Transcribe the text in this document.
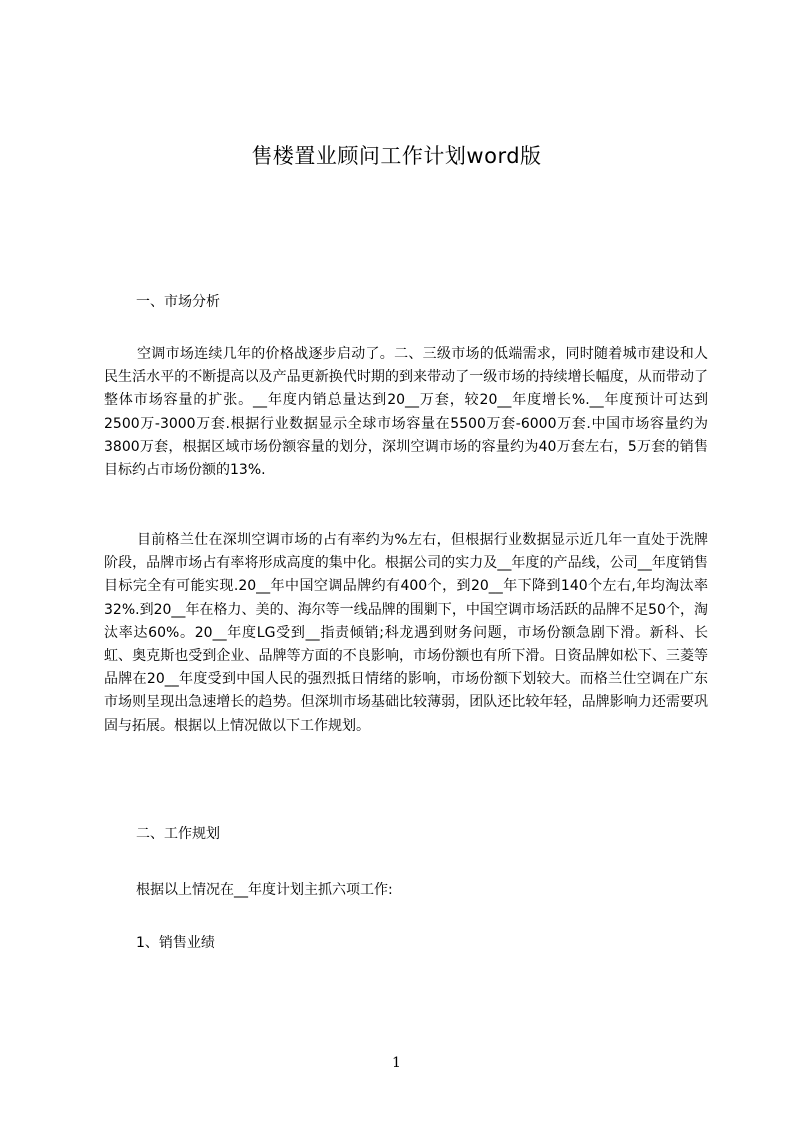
售楼置业顾问工作计划word版
一、市场分析

空调市场连续几年的价格战逐步启动了。二、三级市场的低端需求，同时随着城市建设和人民生活水平的不断提高以及产品更新换代时期的到来带动了一级市场的持续增长幅度，从而带动了整体市场容量的扩张。__年度内销总量达到20__万套，较20__年度增长%.__年度预计可达到2500万-3000万套.根据行业数据显示全球市场容量在5500万套-6000万套.中国市场容量约为3800万套，根据区域市场份额容量的划分，深圳空调市场的容量约为40万套左右，5万套的销售目标约占市场份额的13%.

目前格兰仕在深圳空调市场的占有率约为%左右，但根据行业数据显示近几年一直处于洗牌阶段，品牌市场占有率将形成高度的集中化。根据公司的实力及__年度的产品线，公司__年度销售目标完全有可能实现.20__年中国空调品牌约有400个，到20__年下降到140个左右,年均淘汰率 32%.到20__年在格力、美的、海尔等一线品牌的围剿下，中国空调市场活跃的品牌不足50个，淘汰率达60%。20__年度LG受到__指责倾销;科龙遇到财务问题，市场份额急剧下滑。新科、长虹、奥克斯也受到企业、品牌等方面的不良影响，市场份额也有所下滑。日资品牌如松下、三菱等品牌在20__年度受到中国人民的强烈抵日情绪的影响，市场份额下划较大。而格兰仕空调在广东市场则呈现出急速增长的趋势。但深圳市场基础比较薄弱，团队还比较年轻，品牌影响力还需要巩固与拓展。根据以上情况做以下工作规划。

二、工作规划
根据以上情况在__年度计划主抓六项工作:
1、销售业绩
1
